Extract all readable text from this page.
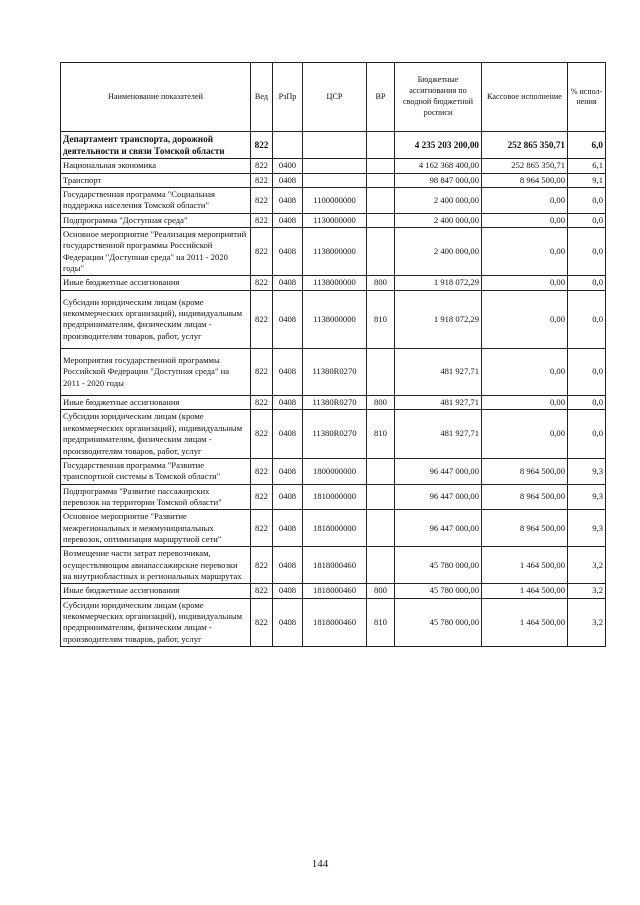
Наименование показателей	Вед	РзПр	ЦСР	ВР	Бюджетные ассигнования по сводной бюджетной росписи	Кассовое исполнение	% испол-нения
Департамент транспорта, дорожной деятельности и связи Томской области	822				4 235 203 200,00	252 865 350,71	6,0
Национальная экономика	822	0400			4 162 368 400,00	252 865 350,71	6,1
Транспорт	822	0408			98 847 000,00	8 964 500,00	9,1
Государственная программа "Социальная поддержка населения Томской области"	822	0408	1100000000		2 400 000,00	0,00	0,0
Подпрограмма "Доступная среда"	822	0408	1130000000		2 400 000,00	0,00	0,0
Основное мероприятие "Реализация мероприятий государственной программы Российской Федерации "Доступная среда" на 2011 - 2020 годы"	822	0408	1138000000		2 400 000,00	0,00	0,0
Иные бюджетные ассигнования	822	0408	1138000000	800	1 918 072,29	0,00	0,0
Субсидии юридическим лицам (кроме некоммерческих организаций), индивидуальным предпринимателям, физическим лицам - производителям товаров, работ, услуг	822	0408	1138000000	810	1 918 072,29	0,00	0,0
Мероприятия государственной программы Российской Федерации "Доступная среда" на 2011 - 2020 годы	822	0408	11380R0270		481 927,71	0,00	0,0
Иные бюджетные ассигнования	822	0408	11380R0270	800	481 927,71	0,00	0,0
Субсидии юридическим лицам (кроме некоммерческих организаций), индивидуальным предпринимателям, физическим лицам - производителям товаров, работ, услуг	822	0408	11380R0270	810	481 927,71	0,00	0,0
Государственная программа "Развитие транспортной системы в Томской области"	822	0408	1800000000		96 447 000,00	8 964 500,00	9,3
Подпрограмма "Развитие пассажирских перевозок на территории Томской области"	822	0408	1810000000		96 447 000,00	8 964 500,00	9,3
Основное мероприятие "Развитие межрегиональных и межмуниципальных перевозок, оптимизация маршрутной сети"	822	0408	1818000000		96 447 000,00	8 964 500,00	9,3
Возмещение части затрат перевозчикам, осуществляющим авиапассажирские перевозки на внутриобластных и региональных маршрутах	822	0408	1818000460		45 780 000,00	1 464 500,00	3,2
Иные бюджетные ассигнования	822	0408	1818000460	800	45 780 000,00	1 464 500,00	3,2
Субсидии юридическим лицам (кроме некоммерческих организаций), индивидуальным предпринимателям, физическим лицам - производителям товаров, работ, услуг	822	0408	1818000460	810	45 780 000,00	1 464 500,00	3,2
144
